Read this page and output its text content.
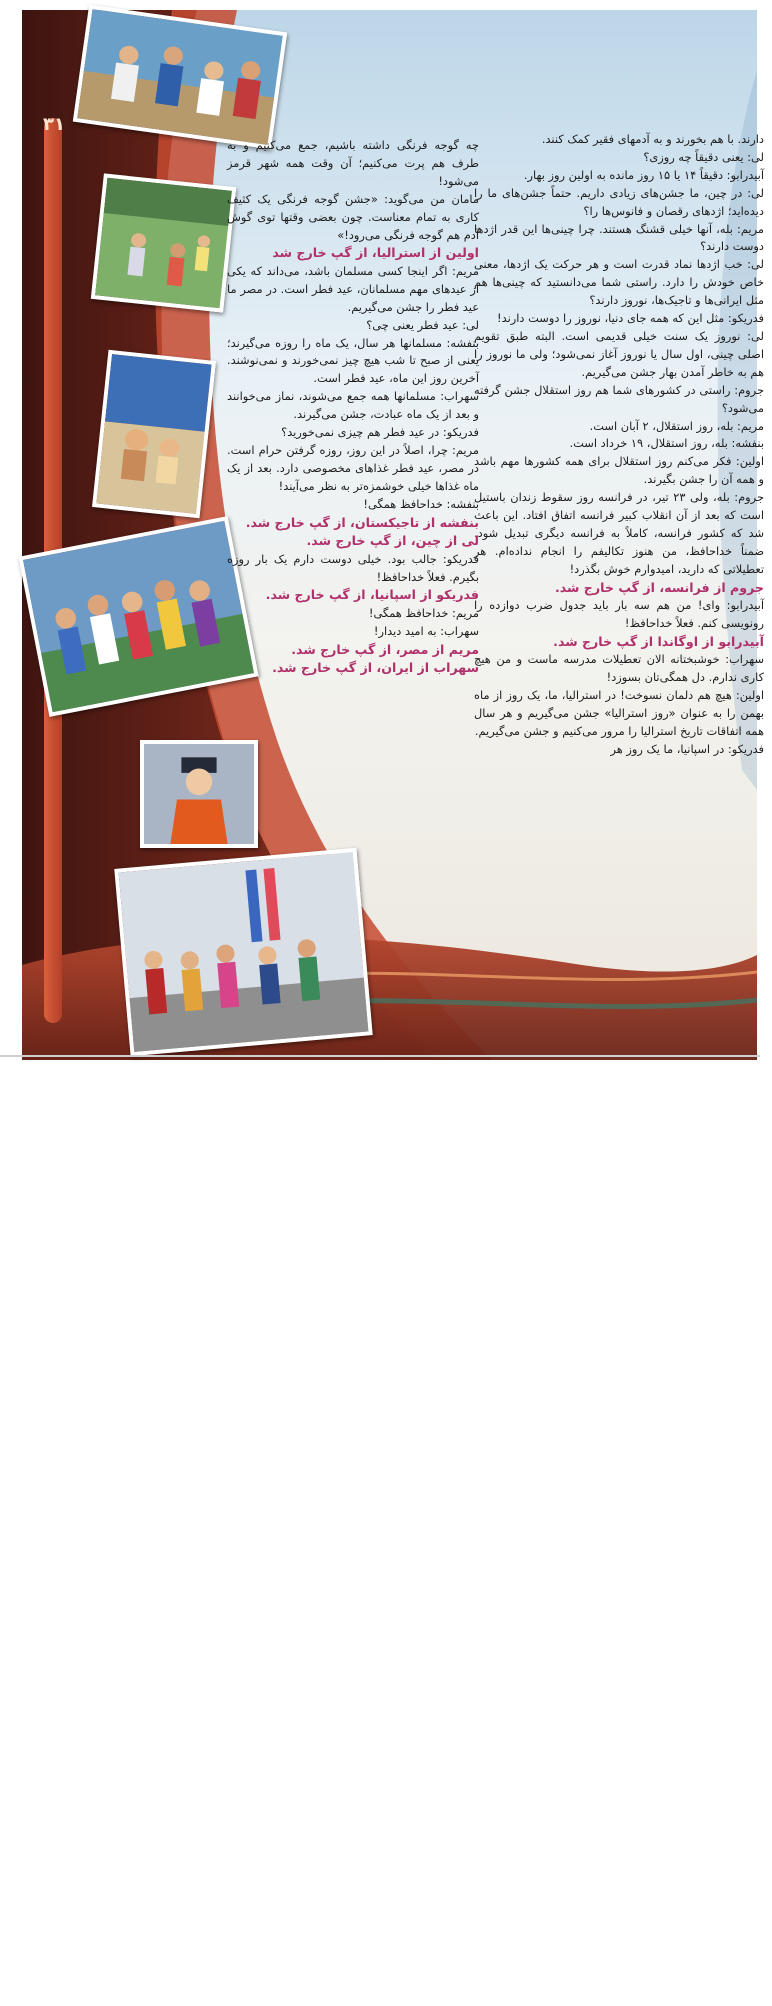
۳۱

دارند. با هم بخورند و به آدمهای فقیر کمک کنند.

لی: یعنی دقیقاً چه روزی؟

آبیدرابو: دقیقاً ۱۴ یا ۱۵ روز مانده به اولین روز بهار.

لی: در چین، ما جشن‌های زیادی داریم. حتماً جشن‌های ما را دیده‌اید؛ اژدهای رقصان و فانوس‌ها را؟

مریم: بله، آنها خیلی قشنگ هستند. چرا چینی‌ها این قدر اژدها دوست دارند؟

لی: خب اژدها نماد قدرت است و هر حرکت یک اژدها، معنی خاص خودش را دارد. راستی شما می‌دانستید که چینی‌ها هم مثل ایرانی‌ها و تاجیک‌ها، نوروز دارند؟

فدریکو: مثل این که همه جای دنیا، نوروز را دوست دارند!

لی: نوروز یک سنت خیلی قدیمی است. البته طبق تقویم اصلی چینی، اول سال یا نوروز آغاز نمی‌شود؛ ولی ما نوروز را هم به خاطر آمدن بهار جشن می‌گیریم.

جروم: راستی در کشورهای شما هم روز استقلال جشن گرفته می‌شود؟

مریم: بله، روز استقلال، ۲ آبان است.

بنفشه: بله، روز استقلال، ۱۹ خرداد است.

اولین: فکر می‌کنم روز استقلال برای همه کشورها مهم باشد و همه آن را جشن بگیرند.

جروم: بله، ولی ۲۳ تیر، در فرانسه روز سقوط زندان باستیل است که بعد از آن انقلاب کبیر فرانسه اتفاق افتاد. این باعث شد که کشور فرانسه، کاملاً به فرانسه دیگری تبدیل شود. ضمناً خداحافظ، من هنوز تکالیفم را انجام نداده‌ام. هر تعطیلاتی که دارید، امیدوارم خوش بگذرد!

جروم از فرانسه، از گپ خارج شد.

آبیدرابو: وای! من هم سه بار باید جدول ضرب دوازده را رونویسی کنم. فعلاً خداحافظ!

آبیدرابو از اوگاندا از گپ خارج شد.

سهراب: خوشبختانه الان تعطیلات مدرسه ماست و من هیچ کاری ندارم. دل همگی‌تان بسوزد!

اولین: هیچ هم دلمان نسوخت! در استرالیا، ما، یک روز از ماه بهمن را به عنوان «روز استرالیا» جشن می‌گیریم و هر سال همه اتفاقات تاریخ استرالیا را مرور می‌کنیم و جشن می‌گیریم.

فدریکو: در اسپانیا، ما یک روز هر

چه گوجه فرنگی داشته باشیم، جمع می‌کنیم و به طرف هم پرت می‌کنیم؛ آن وقت همه شهر قرمز می‌شود!

مامان من می‌گوید: «جشن گوجه فرنگی یک کثیف کاری به تمام معناست. چون بعضی وقتها توی گوش آدم هم گوجه فرنگی می‌رود!»

اولین از استرالیا، از گپ خارج شد

مریم: اگر اینجا کسی مسلمان باشد، می‌داند که یکی از عیدهای مهم مسلمانان، عید فطر است. در مصر ما عید فطر را جشن می‌گیریم.

لی: عید فطر یعنی چی؟

بنفشه: مسلمانها هر سال، یک ماه را روزه می‌گیرند؛ یعنی از صبح تا شب هیچ چیز نمی‌خورند و نمی‌نوشند. آخرین روز این ماه، عید فطر است.

سهراب: مسلمانها همه جمع می‌شوند، نماز می‌خوانند و بعد از یک ماه عبادت، جشن می‌گیرند.

فدریکو: در عید فطر هم چیزی نمی‌خورید؟

مریم: چرا، اصلاً در این روز، روزه گرفتن حرام است. در مصر، عید فطر غذاهای مخصوصی دارد. بعد از یک ماه غذاها خیلی خوشمزه‌تر به نظر می‌آیند!

بنفشه: خداحافظ همگی!

بنفشه از تاجیکستان، از گپ خارج شد.

لی از چین، از گپ خارج شد.

فدریکو: جالب بود. خیلی دوست دارم یک بار روزه بگیرم. فعلاً خداحافظ!

فدریکو از اسپانیا، از گپ خارج شد.

مریم: خداحافظ همگی!

سهراب: به امید دیدار!

مریم از مصر، از گپ خارج شد.

سهراب از ایران، از گپ خارج شد.
